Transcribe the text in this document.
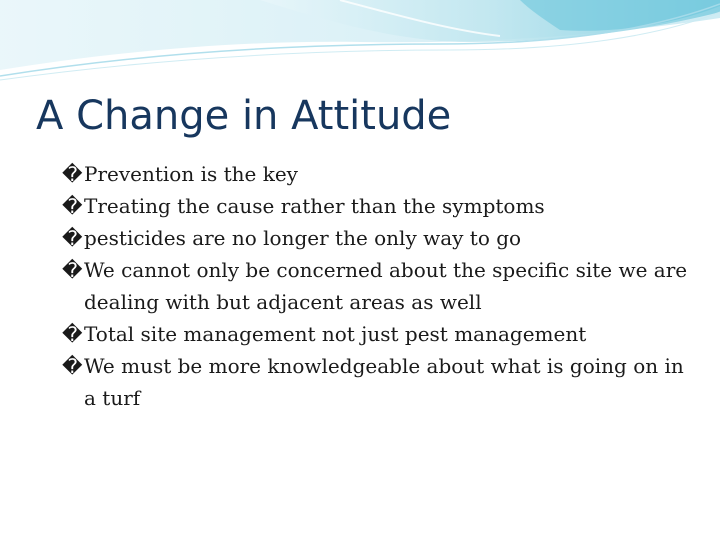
A Change in Attitude
� Prevention is the key
� Treating the cause rather than the symptoms
� pesticides are no longer the only way to go
� We cannot only be concerned about the specific site we are dealing with but adjacent areas as well
� Total site management not just pest management
� We must be more knowledgeable about what is going on in a turf
